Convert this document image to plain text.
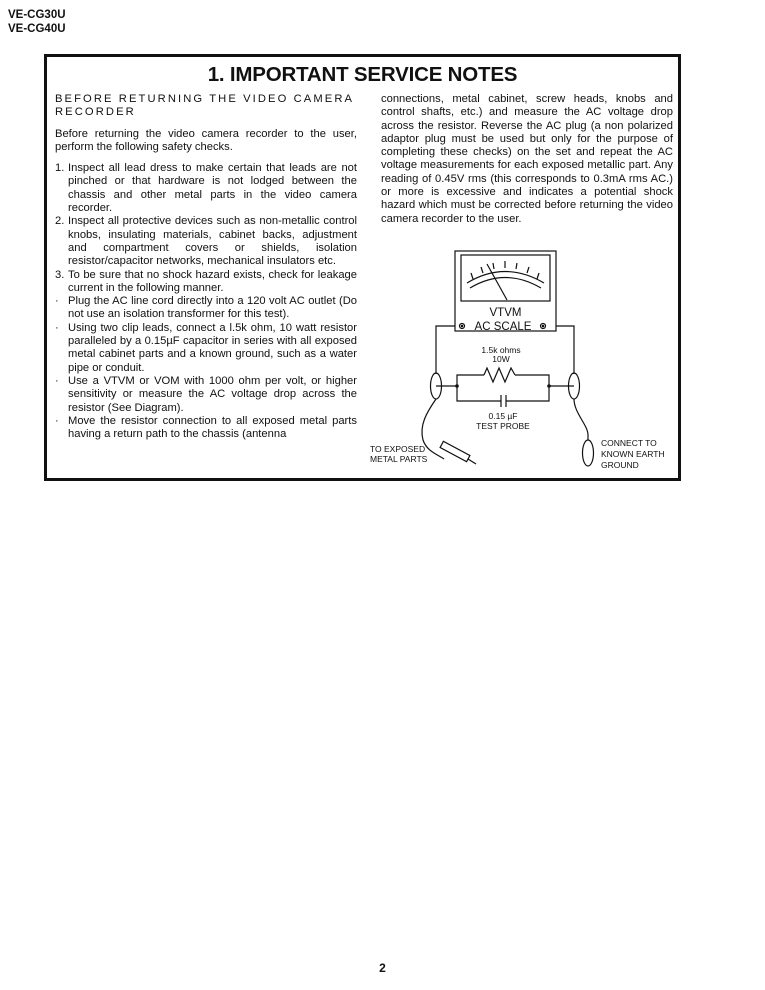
VE-CG30U
VE-CG40U
1. IMPORTANT SERVICE NOTES
BEFORE RETURNING THE VIDEO CAMERA RECORDER
Before returning the video camera recorder to the user, perform the following safety checks.
1. Inspect all lead dress to make certain that leads are not pinched or that hardware is not lodged between the chassis and other metal parts in the video camera recorder.
2. Inspect all protective devices such as non-metallic control knobs, insulating materials, cabinet backs, adjustment and compartment covers or shields, isolation resistor/capacitor networks, mechanical insulators etc.
3. To be sure that no shock hazard exists, check for leakage current in the following manner.
· Plug the AC line cord directly into a 120 volt AC outlet (Do not use an isolation transformer for this test).
· Using two clip leads, connect a l.5k ohm, 10 watt resistor paralleled by a 0.15µF capacitor in series with all exposed metal cabinet parts and a known ground, such as a water pipe or conduit.
· Use a VTVM or VOM with 1000 ohm per volt, or higher sensitivity or measure the AC voltage drop across the resistor (See Diagram).
· Move the resistor connection to all exposed metal parts having a return path to the chassis (antenna
connections, metal cabinet, screw heads, knobs and control shafts, etc.) and measure the AC voltage drop across the resistor. Reverse the AC plug (a non polarized adaptor plug must be used but only for the purpose of completing these checks) on the set and repeat the AC voltage measurements for each exposed metallic part. Any reading of 0.45V rms (this corresponds to 0.3mA rms AC.) or more is excessive and indicates a potential shock hazard which must be corrected before returning the video camera recorder to the user.
VTVM
AC SCALE
1.5k ohms
10W
0.15 µF
TEST PROBE
TO EXPOSED
METAL PARTS
CONNECT TO
KNOWN EARTH
GROUND
2
